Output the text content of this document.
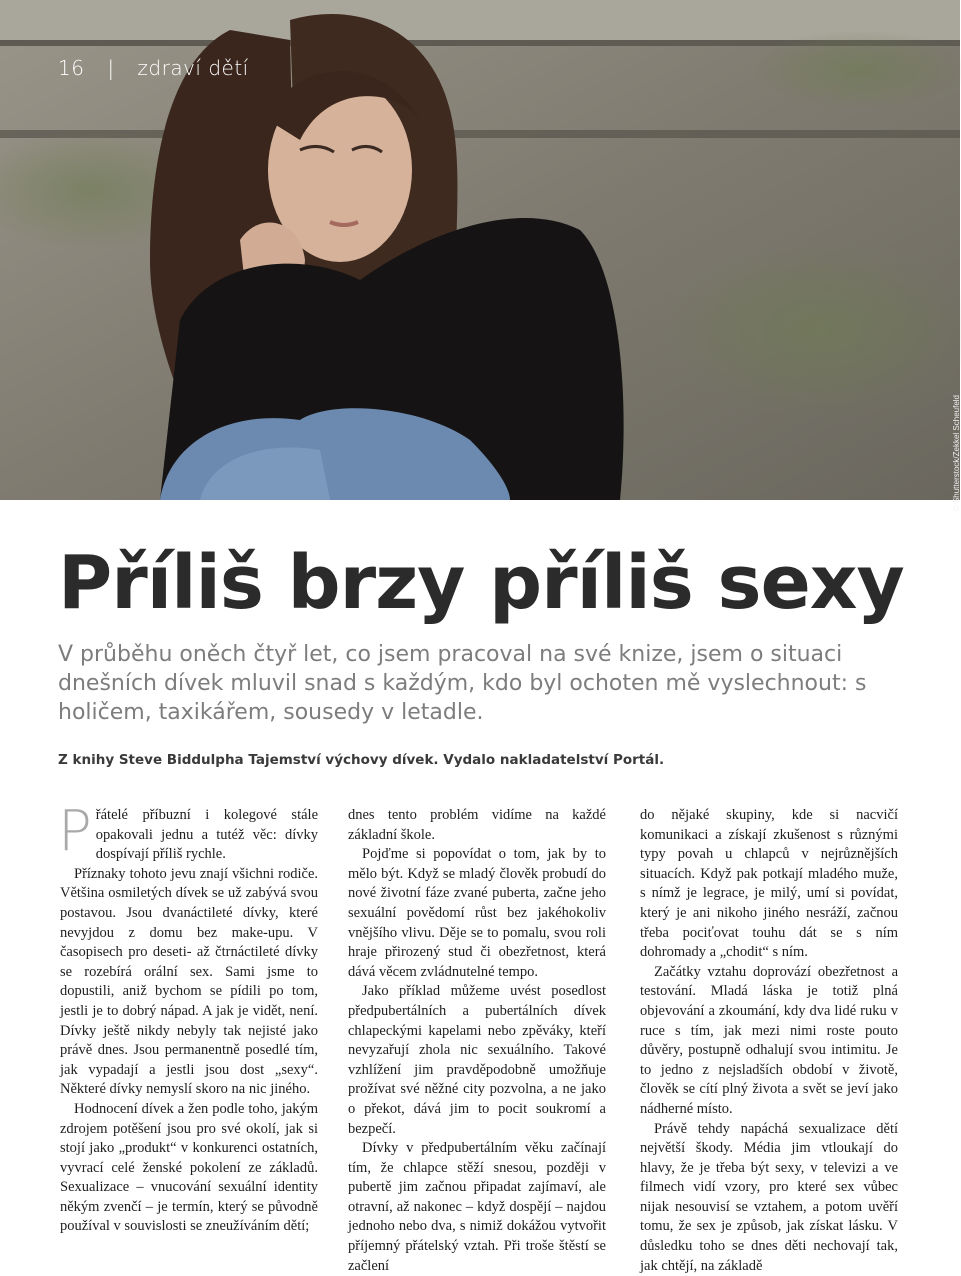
16 | zdraví dětí
© Shutterstock/Zekkel Scheufeld
Příliš brzy příliš sexy

V průběhu oněch čtyř let, co jsem pracoval na své knize, jsem o situaci dnešních dívek mluvil snad s každým, kdo byl ochoten mě vyslechnout: s holičem, taxikářem, sousedy v letadle.

Z knihy Steve Biddulpha Tajemství výchovy dívek. Vydalo nakladatelství Portál.

Přátelé příbuzní i kolegové stále opakovali jednu a tutéž věc: dívky dospívají příliš rychle.

Příznaky tohoto jevu znají všichni rodiče. Většina osmiletých dívek se už zabývá svou postavou. Jsou dvanáctileté dívky, které nevyjdou z domu bez make-upu. V časopisech pro deseti- až čtrnáctileté dívky se rozebírá orální sex. Sami jsme to dopustili, aniž bychom se pídili po tom, jestli je to dobrý nápad. A jak je vidět, není. Dívky ještě nikdy nebyly tak nejisté jako právě dnes. Jsou permanentně posedlé tím, jak vypadají a jestli jsou dost „sexy“. Některé dívky nemyslí skoro na nic jiného.

Hodnocení dívek a žen podle toho, jakým zdrojem potěšení jsou pro své okolí, jak si stojí jako „produkt“ v konkurenci ostatních, vyvrací celé ženské pokolení ze základů. Sexualizace – vnucování sexuální identity někým zvenčí – je termín, který se původně používal v souvislosti se zneužíváním dětí;

dnes tento problém vidíme na každé základní škole.

Pojďme si popovídat o tom, jak by to mělo být. Když se mladý člověk probudí do nové životní fáze zvané puberta, začne jeho sexuální povědomí růst bez jakéhokoliv vnějšího vlivu. Děje se to pomalu, svou roli hraje přirozený stud či obezřetnost, která dává věcem zvládnutelné tempo.

Jako příklad můžeme uvést posedlost předpubertálních a pubertálních dívek chlapeckými kapelami nebo zpěváky, kteří nevyzařují zhola nic sexuálního. Takové vzhlížení jim pravděpodobně umožňuje prožívat své něžné city pozvolna, a ne jako o překot, dává jim to pocit soukromí a bezpečí.

Dívky v předpubertálním věku začínají tím, že chlapce stěží snesou, později v pubertě jim začnou připadat zajímaví, ale otravní, až nakonec – když dospějí – najdou jednoho nebo dva, s nimiž dokážou vytvořit příjemný přátelský vztah. Při troše štěstí se začlení

do nějaké skupiny, kde si nacvičí komunikaci a získají zkušenost s různými typy povah u chlapců v nejrůznějších situacích. Když pak potkají mladého muže, s nímž je legrace, je milý, umí si povídat, který je ani nikoho jiného nesráží, začnou třeba pociťovat touhu dát se s ním dohromady a „chodit“ s ním.

Začátky vztahu doprovází obezřetnost a testování. Mladá láska je totiž plná objevování a zkoumání, kdy dva lidé ruku v ruce s tím, jak mezi nimi roste pouto důvěry, postupně odhalují svou intimitu. Je to jedno z nejsladších období v životě, člověk se cítí plný života a svět se jeví jako nádherné místo.

Právě tehdy napáchá sexualizace dětí největší škody. Média jim vtloukají do hlavy, že je třeba být sexy, v televizi a ve filmech vidí vzory, pro které sex vůbec nijak nesouvisí se vztahem, a potom uvěří tomu, že sex je způsob, jak získat lásku. V důsledku toho se dnes děti nechovají tak, jak chtějí, na základě
